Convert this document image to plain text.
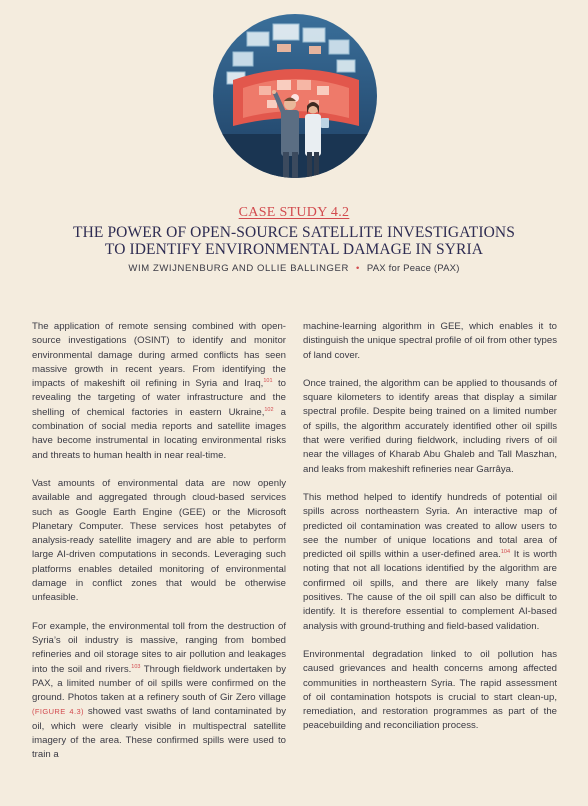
CASE STUDY 4.2
THE POWER OF OPEN-SOURCE SATELLITE INVESTIGATIONS
TO IDENTIFY ENVIRONMENTAL DAMAGE IN SYRIA
WIM ZWIJNENBURG AND OLLIE BALLINGER • PAX for Peace (PAX)

The application of remote sensing combined with open-source investigations (OSINT) to identify and monitor environmental damage during armed conflicts has seen massive growth in recent years. From identifying the impacts of makeshift oil refining in Syria and Iraq,$^{101}$ to revealing the targeting of water infrastructure and the shelling of chemical factories in eastern Ukraine,$^{102}$ a combination of social media reports and satellite images have become instrumental in locating environmental risks and threats to human health in near real-time.

Vast amounts of environmental data are now openly available and aggregated through cloud-based services such as Google Earth Engine (GEE) or the Microsoft Planetary Computer. These services host petabytes of analysis-ready satellite imagery and are able to perform large AI-driven computations in seconds. Leveraging such platforms enables detailed monitoring of environmental damage in conflict zones that would be otherwise unfeasible.

For example, the environmental toll from the destruction of Syria’s oil industry is massive, ranging from bombed refineries and oil storage sites to air pollution and leakages into the soil and rivers.$^{103}$ Through fieldwork undertaken by PAX, a limited number of oil spills were confirmed on the ground. Photos taken at a refinery south of Gir Zero village (FIGURE 4.3) showed vast swaths of land contaminated by oil, which were clearly visible in multispectral satellite imagery of the area. These confirmed spills were used to train a

machine-learning algorithm in GEE, which enables it to distinguish the unique spectral profile of oil from other types of land cover.

Once trained, the algorithm can be applied to thousands of square kilometers to identify areas that display a similar spectral profile. Despite being trained on a limited number of spills, the algorithm accurately identified other oil spills that were verified during fieldwork, including rivers of oil near the villages of Kharab Abu Ghaleb and Tall Maszhan, and leaks from makeshift refineries near Garrâya.

This method helped to identify hundreds of potential oil spills across northeastern Syria. An interactive map of predicted oil contamination was created to allow users to see the number of unique locations and total area of predicted oil spills within a user-defined area.$^{104}$ It is worth noting that not all locations identified by the algorithm are confirmed oil spills, and there are likely many false positives. The cause of the oil spill can also be difficult to identify. It is therefore essential to complement AI-based analysis with ground-truthing and field-based validation.

Environmental degradation linked to oil pollution has caused grievances and health concerns among affected communities in northeastern Syria. The rapid assessment of oil contamination hotspots is crucial to start clean-up, remediation, and restoration programmes as part of the peacebuilding and reconciliation process.
